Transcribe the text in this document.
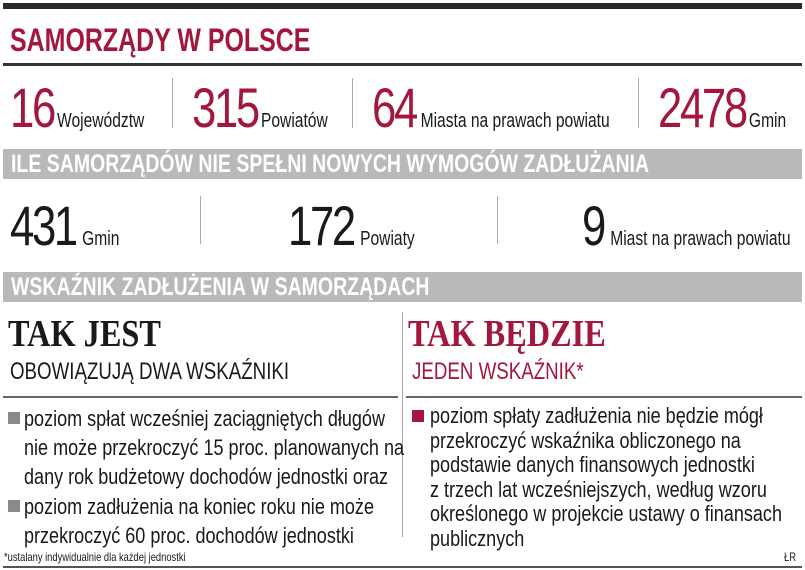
SAMORZĄDY W POLSCE
16 Województw 315 Powiatów 64 Miasta na prawach powiatu 2478 Gmin
ILE SAMORZĄDÓW NIE SPEŁNI NOWYCH WYMOGÓW ZADŁUŻANIA
431 Gmin	172 Powiaty	9 Miast na prawach powiatu
WSKAŹNIK ZADŁUŻENIA W SAMORZĄDACH
TAK JEST
OBOWIĄZUJĄ DWA WSKAŹNIKI
TAK BĘDZIE
JEDEN WSKAŹNIK*
poziom spłat wcześniej zaciągniętych długów
nie może przekroczyć 15 proc. planowanych na
dany rok budżetowy dochodów jednostki oraz
poziom zadłużenia na koniec roku nie może
przekroczyć 60 proc. dochodów jednostki
poziom spłaty zadłużenia nie będzie mógł
przekroczyć wskaźnika obliczonego na
podstawie danych finansowych jednostki
z trzech lat wcześniejszych, według wzoru
określonego w projekcie ustawy o finansach
publicznych
*ustalany indywidualnie dla każdej jednostki	ŁR
